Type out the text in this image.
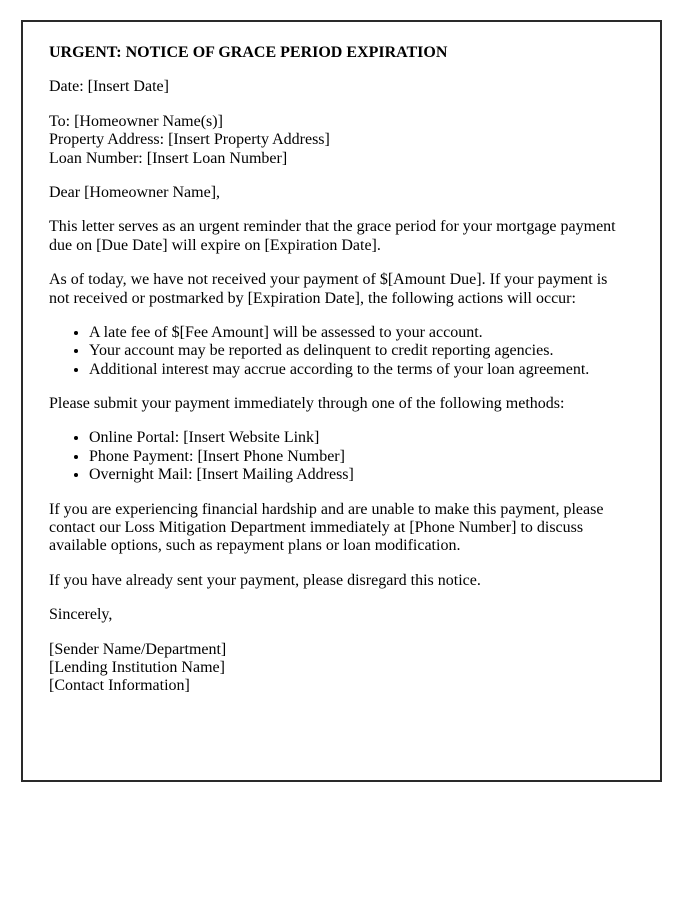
URGENT: NOTICE OF GRACE PERIOD EXPIRATION

Date: [Insert Date]

To: [Homeowner Name(s)]
Property Address: [Insert Property Address]
Loan Number: [Insert Loan Number]

Dear [Homeowner Name],

This letter serves as an urgent reminder that the grace period for your mortgage payment due on [Due Date] will expire on [Expiration Date].

As of today, we have not received your payment of $[Amount Due]. If your payment is not received or postmarked by [Expiration Date], the following actions will occur:

• A late fee of $[Fee Amount] will be assessed to your account.
• Your account may be reported as delinquent to credit reporting agencies.
• Additional interest may accrue according to the terms of your loan agreement.

Please submit your payment immediately through one of the following methods:

• Online Portal: [Insert Website Link]
• Phone Payment: [Insert Phone Number]
• Overnight Mail: [Insert Mailing Address]

If you are experiencing financial hardship and are unable to make this payment, please contact our Loss Mitigation Department immediately at [Phone Number] to discuss available options, such as repayment plans or loan modification.

If you have already sent your payment, please disregard this notice.

Sincerely,

[Sender Name/Department]
[Lending Institution Name]
[Contact Information]
